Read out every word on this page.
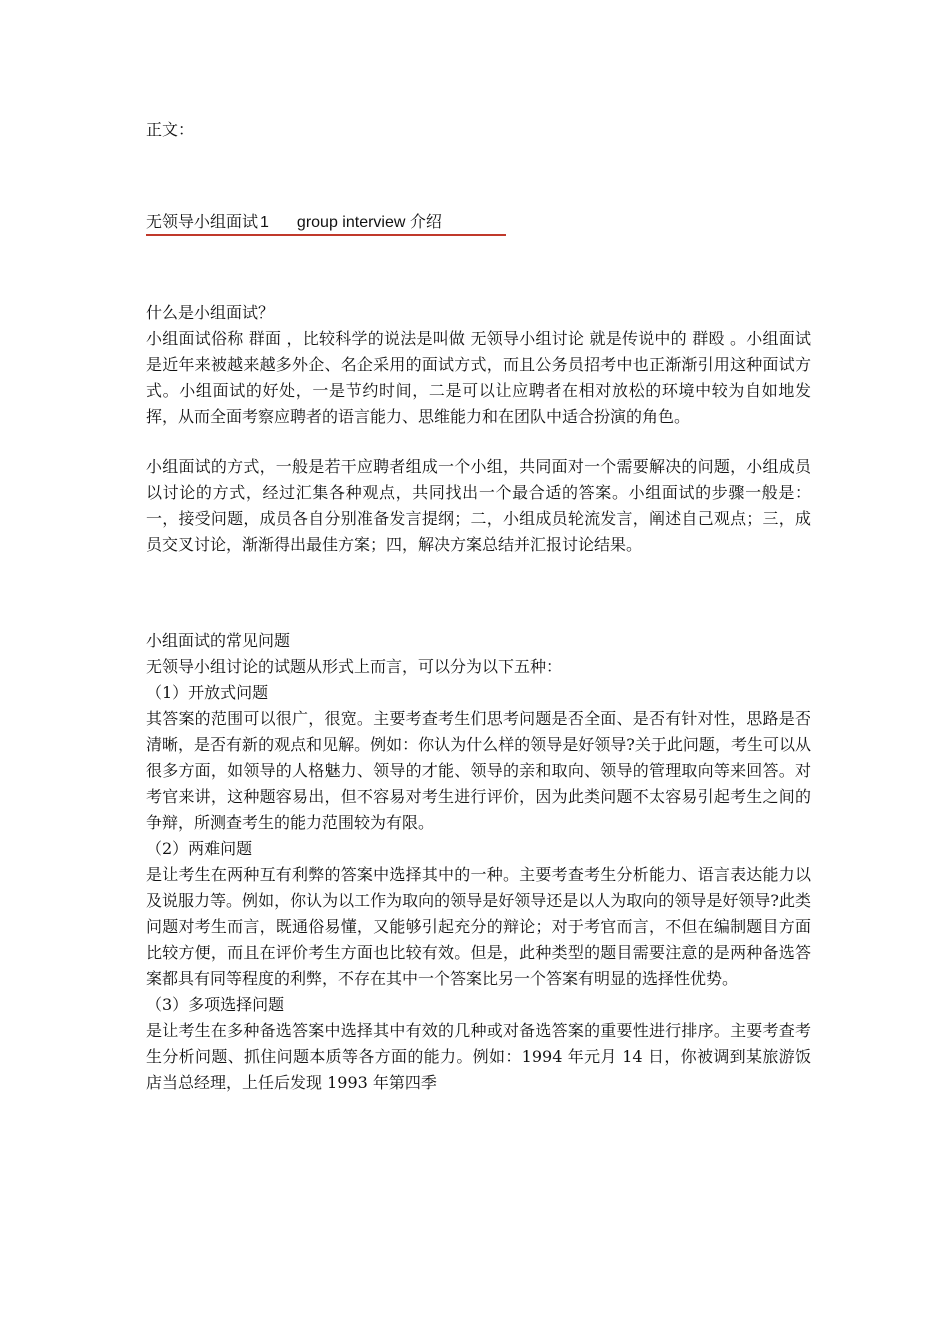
正文：
无领导小组面试 1 group interview 介绍

什么是小组面试？

小组面试俗称 群面 ，比较科学的说法是叫做 无领导小组讨论 就是传说中的 群殴 。小组面试是近年来被越来越多外企、名企采用的面试方式，而且公务员招考中也正渐渐引用这种面试方式。小组面试的好处，一是节约时间，二是可以让应聘者在相对放松的环境中较为自如地发挥，从而全面考察应聘者的语言能力、思维能力和在团队中适合扮演的角色。

小组面试的方式，一般是若干应聘者组成一个小组，共同面对一个需要解决的问题，小组成员以讨论的方式，经过汇集各种观点，共同找出一个最合适的答案。小组面试的步骤一般是：一，接受问题，成员各自分别准备发言提纲；二，小组成员轮流发言，阐述自己观点；三，成员交叉讨论，渐渐得出最佳方案；四，解决方案总结并汇报讨论结果。

小组面试的常见问题

无领导小组讨论的试题从形式上而言，可以分为以下五种：

（1）开放式问题

其答案的范围可以很广，很宽。主要考查考生们思考问题是否全面、是否有针对性，思路是否清晰，是否有新的观点和见解。例如：你认为什么样的领导是好领导?关于此问题，考生可以从很多方面，如领导的人格魅力、领导的才能、领导的亲和取向、领导的管理取向等来回答。对考官来讲，这种题容易出，但不容易对考生进行评价，因为此类问题不太容易引起考生之间的争辩，所测查考生的能力范围较为有限。

（2）两难问题

是让考生在两种互有利弊的答案中选择其中的一种。主要考查考生分析能力、语言表达能力以及说服力等。例如，你认为以工作为取向的领导是好领导还是以人为取向的领导是好领导?此类问题对考生而言，既通俗易懂，又能够引起充分的辩论；对于考官而言，不但在编制题目方面比较方便，而且在评价考生方面也比较有效。但是，此种类型的题目需要注意的是两种备选答案都具有同等程度的利弊，不存在其中一个答案比另一个答案有明显的选择性优势。

（3）多项选择问题

是让考生在多种备选答案中选择其中有效的几种或对备选答案的重要性进行排序。主要考查考生分析问题、抓住问题本质等各方面的能力。例如：1994 年元月 14 日，你被调到某旅游饭店当总经理，上任后发现 1993 年第四季
